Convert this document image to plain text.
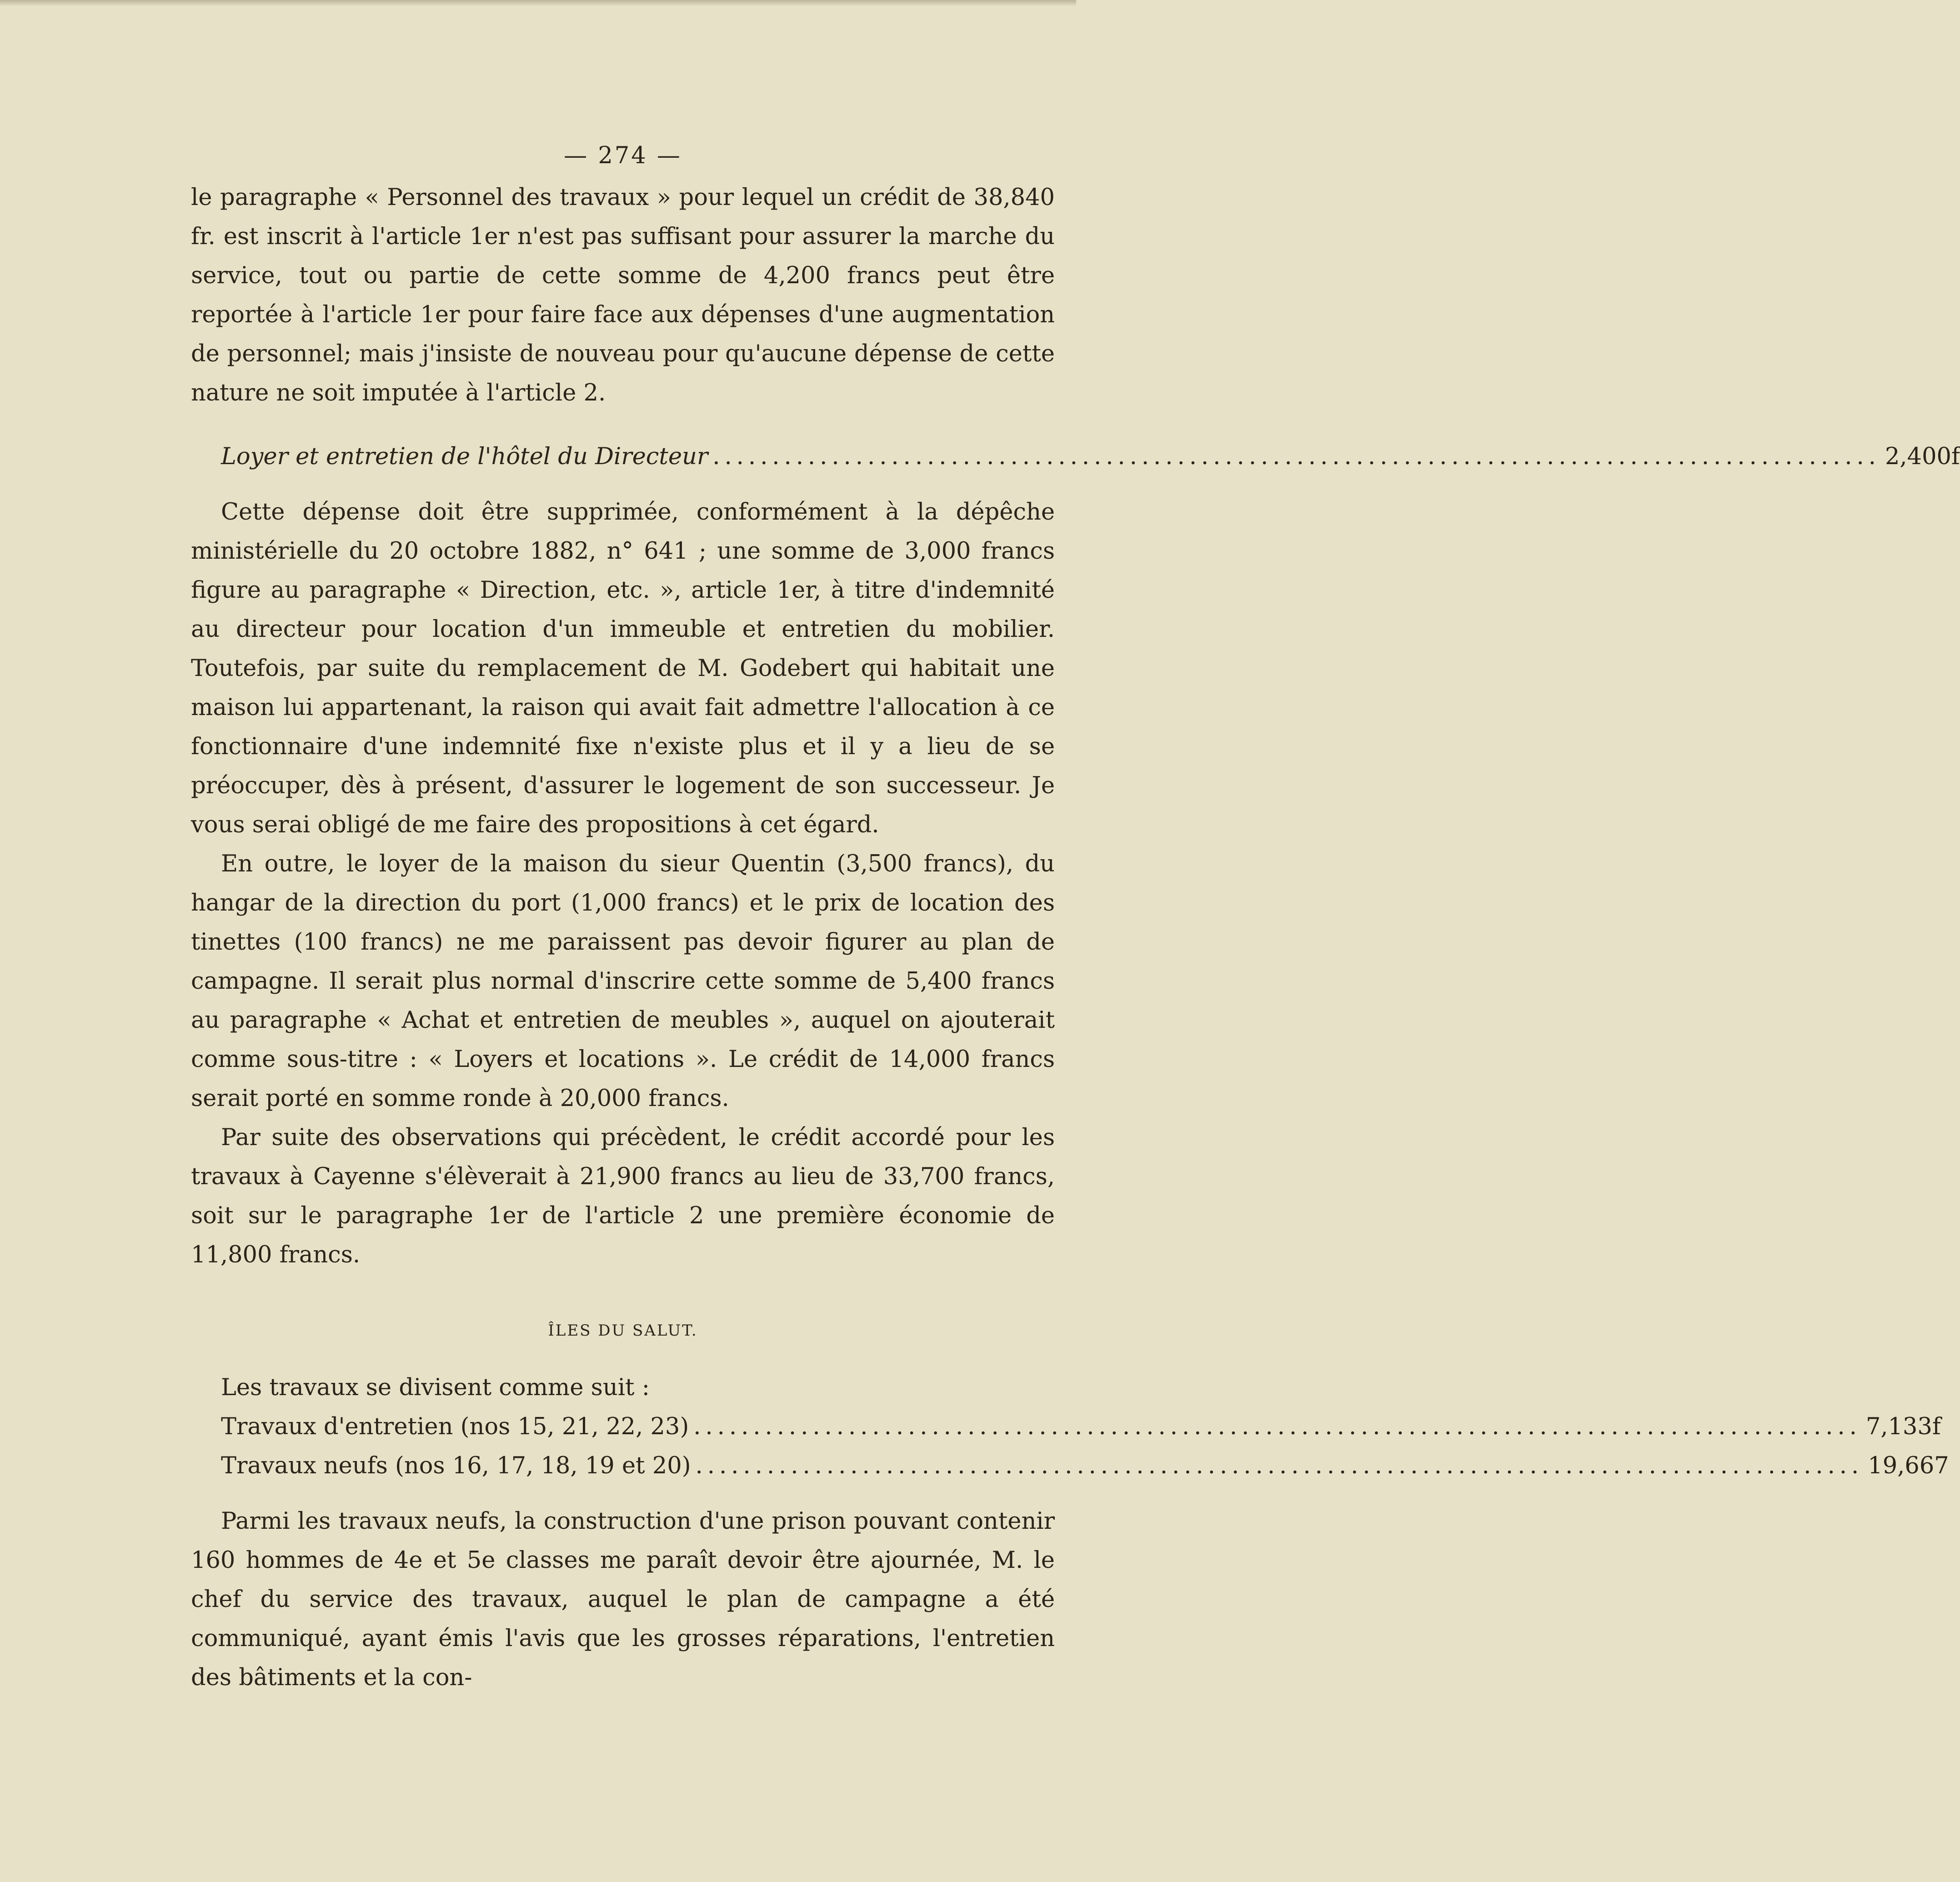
— 274 —

le paragraphe « Personnel des travaux » pour lequel un crédit de 38,840 fr. est inscrit à l'article 1er n'est pas suffisant pour assurer la marche du service, tout ou partie de cette somme de 4,200 francs peut être reportée à l'article 1er pour faire face aux dépenses d'une augmentation de personnel; mais j'insiste de nouveau pour qu'aucune dépense de cette nature ne soit imputée à l'article 2.

Loyer et entretien de l'hôtel du Directeur .................................................................................................. 2,400f

Cette dépense doit être supprimée, conformément à la dépêche ministérielle du 20 octobre 1882, n° 641 ; une somme de 3,000 francs figure au paragraphe « Direction, etc. », article 1er, à titre d'indemnité au directeur pour location d'un immeuble et entretien du mobilier. Toutefois, par suite du remplacement de M. Godebert qui habitait une maison lui appartenant, la raison qui avait fait admettre l'allocation à ce fonctionnaire d'une indemnité fixe n'existe plus et il y a lieu de se préoccuper, dès à présent, d'assurer le logement de son successeur. Je vous serai obligé de me faire des propositions à cet égard.

En outre, le loyer de la maison du sieur Quentin (3,500 francs), du hangar de la direction du port (1,000 francs) et le prix de location des tinettes (100 francs) ne me paraissent pas devoir figurer au plan de campagne. Il serait plus normal d'inscrire cette somme de 5,400 francs au paragraphe « Achat et entretien de meubles », auquel on ajouterait comme sous-titre : « Loyers et locations ». Le crédit de 14,000 francs serait porté en somme ronde à 20,000 francs.

Par suite des observations qui précèdent, le crédit accordé pour les travaux à Cayenne s'élèverait à 21,900 francs au lieu de 33,700 francs, soit sur le paragraphe 1er de l'article 2 une première économie de 11,800 francs.

ÎLES DU SALUT.

Les travaux se divisent comme suit :

Travaux d'entretien (nos 15, 21, 22, 23) .................................................................................................. 7,133f
Travaux neufs (nos 16, 17, 18, 19 et 20) .................................................................................................. 19,667

Parmi les travaux neufs, la construction d'une prison pouvant contenir 160 hommes de 4e et 5e classes me paraît devoir être ajournée, M. le chef du service des travaux, auquel le plan de campagne a été communiqué, ayant émis l'avis que les grosses réparations, l'entretien des bâtiments et la con-
